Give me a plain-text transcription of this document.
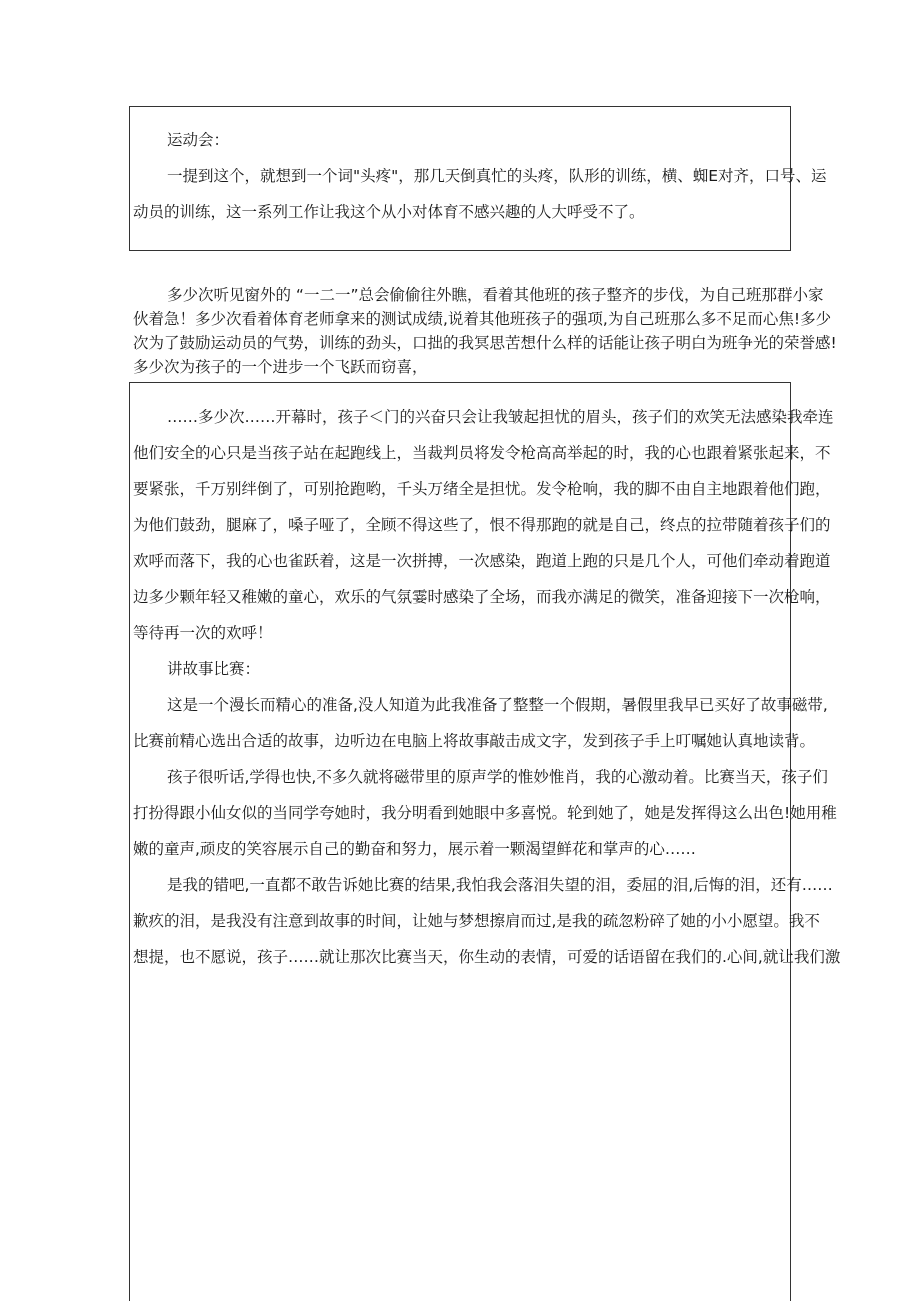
运动会：
一提到这个，就想到一个词"头疼"，那几天倒真忙的头疼，队形的训练，横、蜘E对齐，口号、运
动员的训练，这一系列工作让我这个从小对体育不感兴趣的人大呼受不了。
多少次听见窗外的 “一二一”总会偷偷往外瞧，看着其他班的孩子整齐的步伐，为自己班那群小家
伙着急！多少次看着体育老师拿来的测试成绩,说着其他班孩子的强项,为自己班那么多不足而心焦!多少
次为了鼓励运动员的气势，训练的劲头，口拙的我冥思苦想什么样的话能让孩子明白为班争光的荣誉感!
多少次为孩子的一个进步一个飞跃而窃喜，
……多少次……开幕时，孩子＜门的兴奋只会让我皱起担忧的眉头，孩子们的欢笑无法感染我牵连
他们安全的心只是当孩子站在起跑线上，当裁判员将发令枪高高举起的时，我的心也跟着紧张起来，不
要紧张，千万别绊倒了，可别抢跑哟，千头万绪全是担忧。发令枪响，我的脚不由自主地跟着他们跑，
为他们鼓劲，腿麻了，嗓子哑了，全顾不得这些了，恨不得那跑的就是自己，终点的拉带随着孩子们的
欢呼而落下，我的心也雀跃着，这是一次拼搏，一次感染，跑道上跑的只是几个人，可他们牵动着跑道
边多少颗年轻又稚嫩的童心，欢乐的气氛霎时感染了全场，而我亦满足的微笑，准备迎接下一次枪响，
等待再一次的欢呼！
讲故事比赛：
这是一个漫长而精心的准备,没人知道为此我准备了整整一个假期，暑假里我早已买好了故事磁带,
比赛前精心选出合适的故事，边听边在电脑上将故事敲击成文字，发到孩子手上叮嘱她认真地读背。
孩子很听话,学得也快,不多久就将磁带里的原声学的惟妙惟肖，我的心激动着。比赛当天，孩子们
打扮得跟小仙女似的当同学夸她时，我分明看到她眼中多喜悦。轮到她了，她是发挥得这么出色!她用稚
嫩的童声,顽皮的笑容展示自己的勤奋和努力，展示着一颗渴望鲜花和掌声的心……
是我的错吧,一直都不敢告诉她比赛的结果,我怕我会落泪失望的泪，委屈的泪,后悔的泪，还有……
歉疚的泪，是我没有注意到故事的时间，让她与梦想擦肩而过,是我的疏忽粉碎了她的小小愿望。我不
想提，也不愿说，孩子……就让那次比赛当天，你生动的表情，可爱的话语留在我们的.心间,就让我们激
